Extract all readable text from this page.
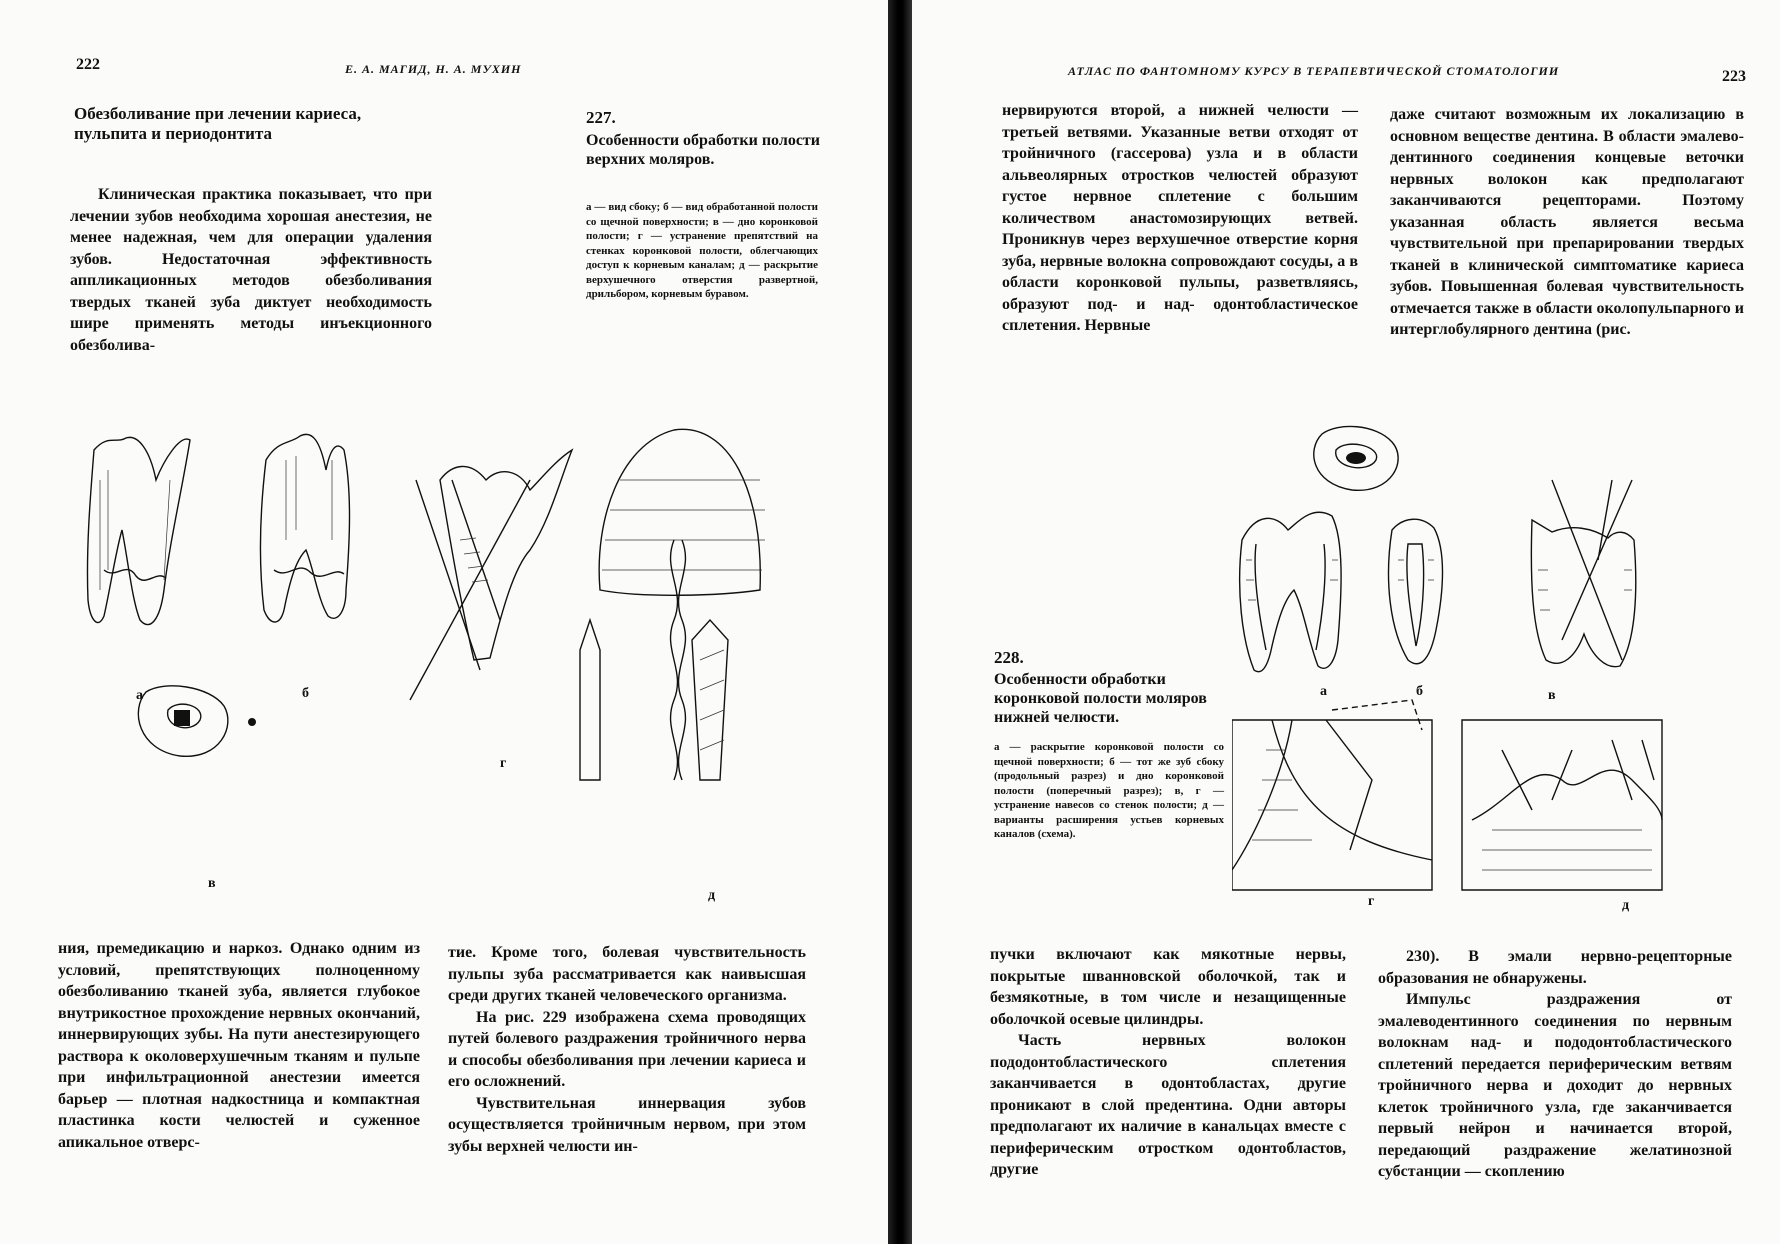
222	Е. А. МАГИД, Н. А. МУХИН
Обезболивание при лечении кариеса, пульпита и периодонтита

Клиническая практика показывает, что при лечении зубов необходима хорошая анестезия, не менее надежная, чем для операции удаления зубов. Недостаточная эффективность аппликационных методов обезболивания твердых тканей зуба диктует необходимость шире применять методы инъекционного обезболива-

227.
Особенности обработки полости верхних моляров.
а — вид сбоку; б — вид обработанной полости со щечной поверхности; в — дно коронковой полости; г — устранение препятствий на стенках коронковой полости, облегчающих доступ к корневым каналам; д — раскрытие верхушечного отверстия развертной, дрильбором, корневым буравом.
а	б
г
в
д

ния, премедикацию и наркоз. Однако одним из условий, препятствующих полноценному обезболиванию тканей зуба, является глубокое внутрикостное прохождение нервных окончаний, иннервирующих зубы. На пути анестезирующего раствора к околоверхушечным тканям и пульпе при инфильтрационной анестезии имеется барьер — плотная надкостница и компактная пластинка кости челюстей и суженное апикальное отверс-

тие. Кроме того, болевая чувствительность пульпы зуба рассматривается как наивысшая среди других тканей человеческого организма.

На рис. 229 изображена схема проводящих путей болевого раздражения тройничного нерва и способы обезболивания при лечении кариеса и его осложнений.

Чувствительная иннервация зубов осуществляется тройничным нервом, при этом зубы верхней челюсти ин-

АТЛАС ПО ФАНТОМНОМУ КУРСУ В ТЕРАПЕВТИЧЕСКОЙ СТОМАТОЛОГИИ	223

нервируются второй, а нижней челюсти — третьей ветвями. Указанные ветви отходят от тройничного (гассерова) узла и в области альвеолярных отростков челюстей образуют густое нервное сплетение с большим количеством анастомозирующих ветвей. Проникнув через верхушечное отверстие корня зуба, нервные волокна сопровождают сосуды, а в области коронковой пульпы, разветвляясь, образуют под- и над- одонтобластическое сплетения. Нервные

даже считают возможным их локализацию в основном веществе дентина. В области эмалево-дентинного соединения концевые веточки нервных волокон как предполагают заканчиваются рецепторами. Поэтому указанная область является весьма чувствительной при препарировании твердых тканей в клинической симптоматике кариеса зубов. Повышенная болевая чувствительность отмечается также в области околопульпарного и интерглобулярного дентина (рис.

228.
Особенности обработки коронковой полости моляров нижней челюсти.
а — раскрытие коронковой полости со щечной поверхности; б — тот же зуб сбоку (продольный разрез) и дно коронковой полости (поперечный разрез); в, г — устранение навесов со стенок полости; д — варианты расширения устьев корневых каналов (схема).
а	б	в
г	д

пучки включают как мякотные нервы, покрытые шванновской оболочкой, так и безмякотные, в том числе и незащищенные оболочкой осевые цилиндры.

Часть нервных волокон пододонтобластического сплетения заканчивается в одонтобластах, другие проникают в слой предентина. Одни авторы предполагают их наличие в канальцах вместе с периферическим отростком одонтобластов, другие

230). В эмали нервно-рецепторные образования не обнаружены.

Импульс раздражения от эмалеводентинного соединения по нервным волокнам над- и пододонтобластического сплетений передается периферическим ветвям тройничного нерва и доходит до нервных клеток тройничного узла, где заканчивается первый нейрон и начинается второй, передающий раздражение желатинозной субстанции — скоплению
